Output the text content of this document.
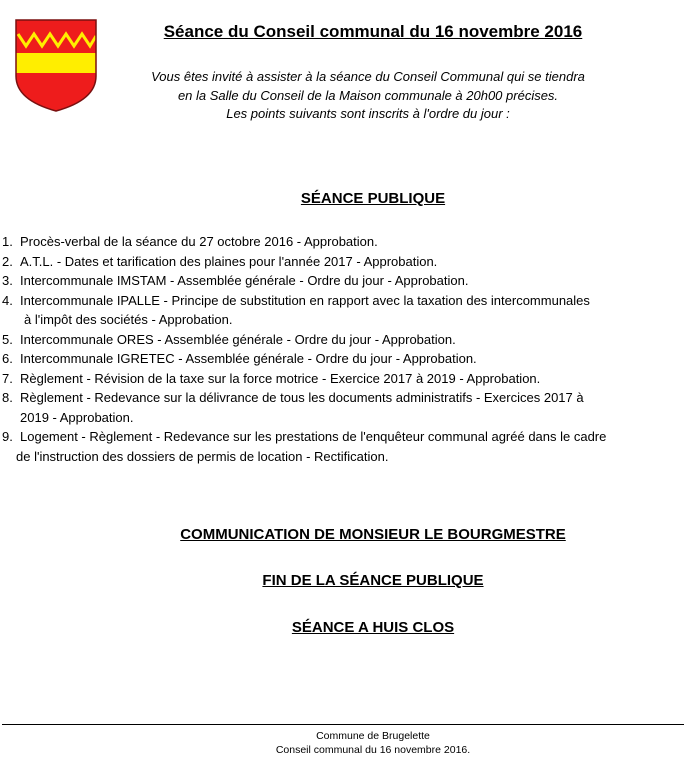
Séance du Conseil communal du 16 novembre 2016
Vous êtes invité à assister à la séance du Conseil Communal qui se tiendra
en la Salle du Conseil de la Maison communale à 20h00 précises.
Les points suivants sont inscrits à l'ordre du jour :
SÉANCE PUBLIQUE
1. Procès-verbal de la séance du 27 octobre 2016 - Approbation.
2. A.T.L. - Dates et tarification des plaines pour l'année 2017 - Approbation.
3. Intercommunale IMSTAM - Assemblée générale - Ordre du jour - Approbation.
4. Intercommunale IPALLE - Principe de substitution en rapport avec la taxation des intercommunales
à l'impôt des sociétés - Approbation.
5. Intercommunale ORES - Assemblée générale - Ordre du jour - Approbation.
6. Intercommunale IGRETEC - Assemblée générale - Ordre du jour - Approbation.
7. Règlement - Révision de la taxe sur la force motrice - Exercice 2017 à 2019 - Approbation.
8. Règlement - Redevance sur la délivrance de tous les documents administratifs - Exercices 2017 à
2019 - Approbation.
9. Logement - Règlement - Redevance sur les prestations de l'enquêteur communal agréé dans le cadre
de l'instruction des dossiers de permis de location - Rectification.
COMMUNICATION DE MONSIEUR LE BOURGMESTRE
FIN DE LA SÉANCE PUBLIQUE
SÉANCE A HUIS CLOS
Commune de Brugelette
Conseil communal du 16 novembre 2016.
